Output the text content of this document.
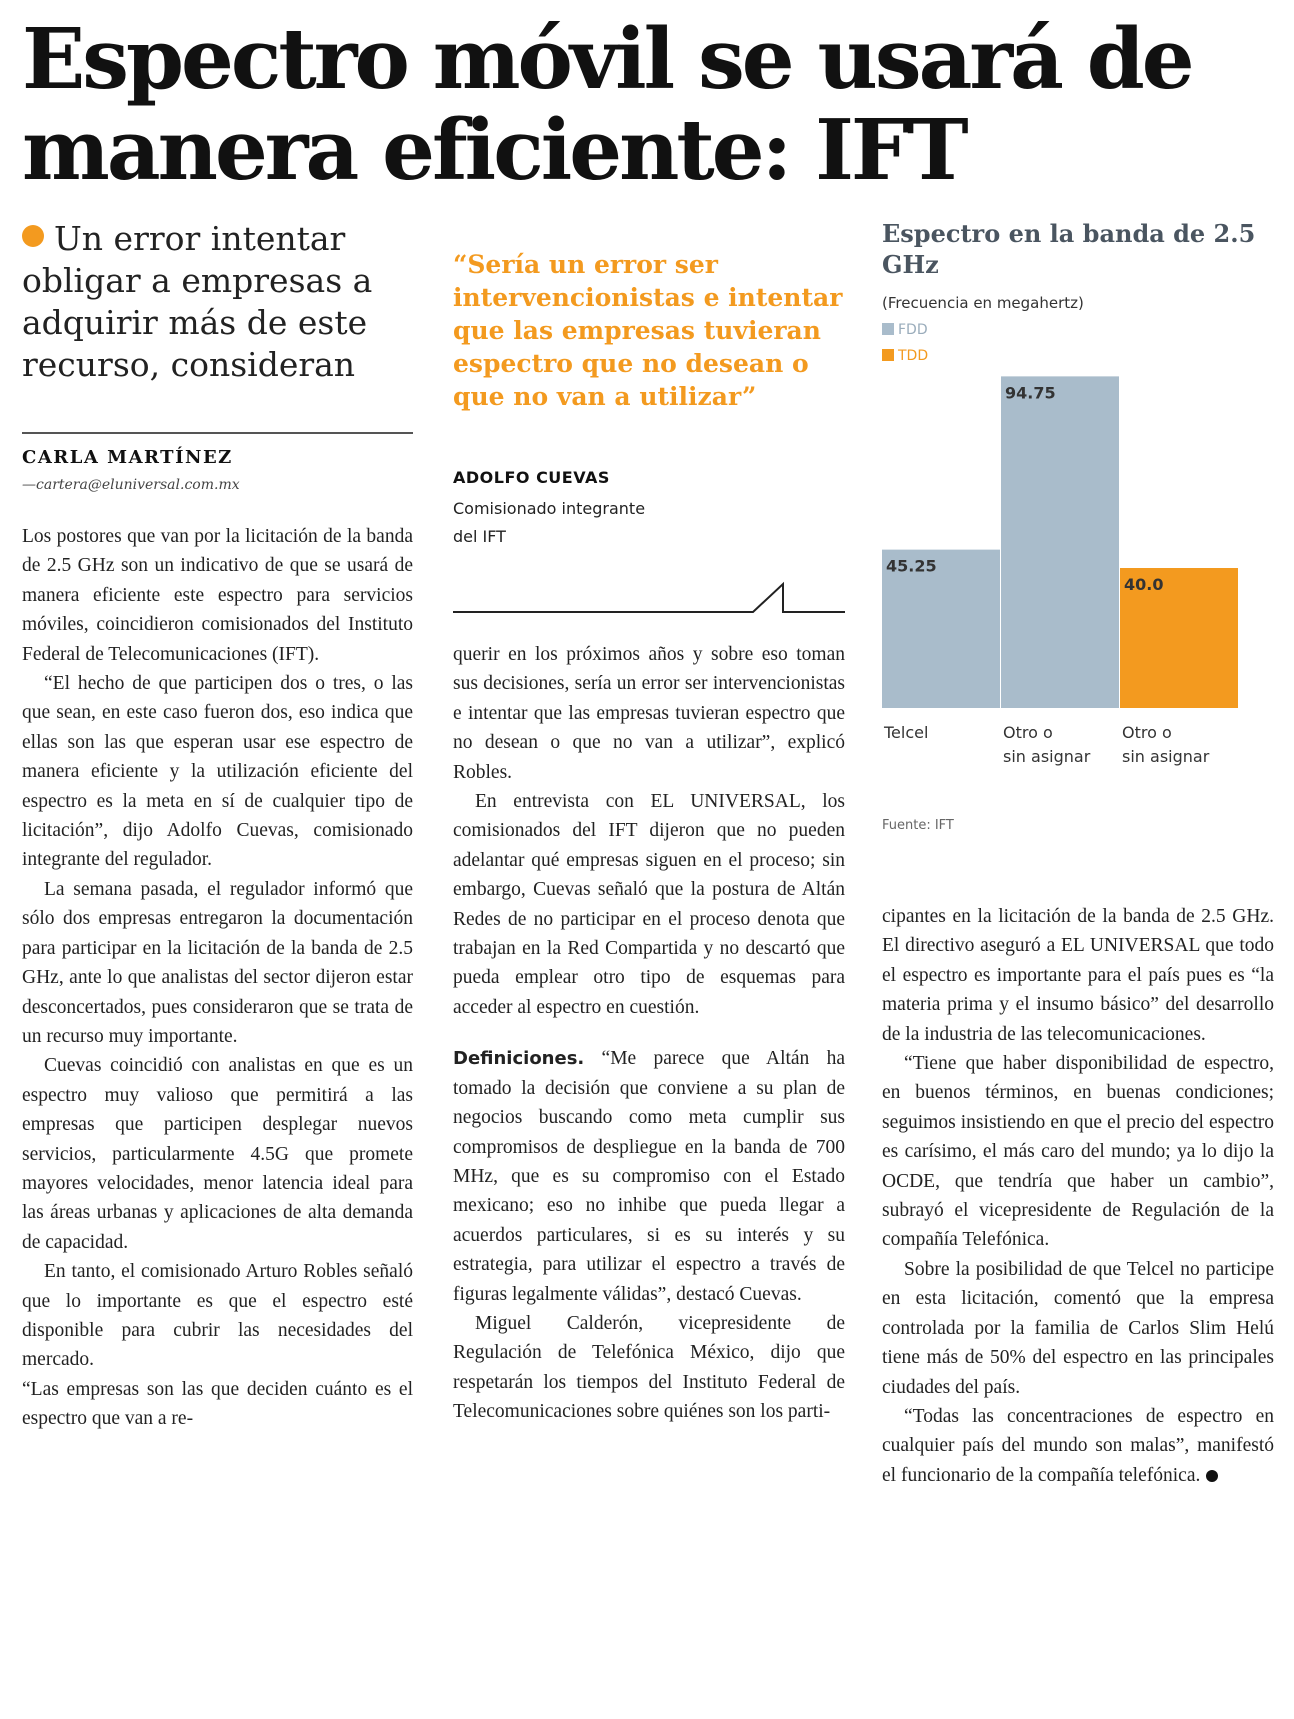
Espectro móvil se usará de manera eficiente: IFT

Un error intentar obligar a empresas a adquirir más de este recurso, consideran

CARLA MARTÍNEZ
—cartera@eluniversal.com.mx

Los postores que van por la licitación de la banda de 2.5 GHz son un indicativo de que se usará de manera eficiente este espectro para servicios móviles, coincidieron comisionados del Instituto Federal de Telecomunicaciones (IFT).

“El hecho de que participen dos o tres, o las que sean, en este caso fueron dos, eso indica que ellas son las que esperan usar ese espectro de manera eficiente y la utilización eficiente del espectro es la meta en sí de cualquier tipo de licitación”, dijo Adolfo Cuevas, comisionado integrante del regulador.

La semana pasada, el regulador informó que sólo dos empresas entregaron la documentación para participar en la licitación de la banda de 2.5 GHz, ante lo que analistas del sector dijeron estar desconcertados, pues consideraron que se trata de un recurso muy importante.

Cuevas coincidió con analistas en que es un espectro muy valioso que permitirá a las empresas que participen desplegar nuevos servicios, particularmente 4.5G que promete mayores velocidades, menor latencia ideal para las áreas urbanas y aplicaciones de alta demanda de capacidad.

En tanto, el comisionado Arturo Robles señaló que lo importante es que el espectro esté disponible para cubrir las necesidades del mercado.

“Las empresas son las que deciden cuánto es el espectro que van a re-

“Sería un error ser intervencionistas e intentar que las empresas tuvieran espectro que no desean o que no van a utilizar”

ADOLFO CUEVAS
Comisionado integrante del IFT

querir en los próximos años y sobre eso toman sus decisiones, sería un error ser intervencionistas e intentar que las empresas tuvieran espectro que no desean o que no van a utilizar”, explicó Robles.

En entrevista con EL UNIVERSAL, los comisionados del IFT dijeron que no pueden adelantar qué empresas siguen en el proceso; sin embargo, Cuevas señaló que la postura de Altán Redes de no participar en el proceso denota que trabajan en la Red Compartida y no descartó que pueda emplear otro tipo de esquemas para acceder al espectro en cuestión.

Definiciones. “Me parece que Altán ha tomado la decisión que conviene a su plan de negocios buscando como meta cumplir sus compromisos de despliegue en la banda de 700 MHz, que es su compromiso con el Estado mexicano; eso no inhibe que pueda llegar a acuerdos particulares, si es su interés y su estrategia, para utilizar el espectro a través de figuras legalmente válidas”, destacó Cuevas.

Miguel Calderón, vicepresidente de Regulación de Telefónica México, dijo que respetarán los tiempos del Instituto Federal de Telecomunicaciones sobre quiénes son los parti-

Espectro en la banda de 2.5 GHz
(Frecuencia en megahertz)
FDD
TDD
45.25
Telcel
94.75
Otro o
sin asignar
40.0
Otro o
sin asignar
Fuente: IFT

cipantes en la licitación de la banda de 2.5 GHz. El directivo aseguró a EL UNIVERSAL que todo el espectro es importante para el país pues es “la materia prima y el insumo básico” del desarrollo de la industria de las telecomunicaciones.

“Tiene que haber disponibilidad de espectro, en buenos términos, en buenas condiciones; seguimos insistiendo en que el precio del espectro es carísimo, el más caro del mundo; ya lo dijo la OCDE, que tendría que haber un cambio”, subrayó el vicepresidente de Regulación de la compañía Telefónica.

Sobre la posibilidad de que Telcel no participe en esta licitación, comentó que la empresa controlada por la familia de Carlos Slim Helú tiene más de 50% del espectro en las principales ciudades del país.

“Todas las concentraciones de espectro en cualquier país del mundo son malas”, manifestó el funcionario de la compañía telefónica.
